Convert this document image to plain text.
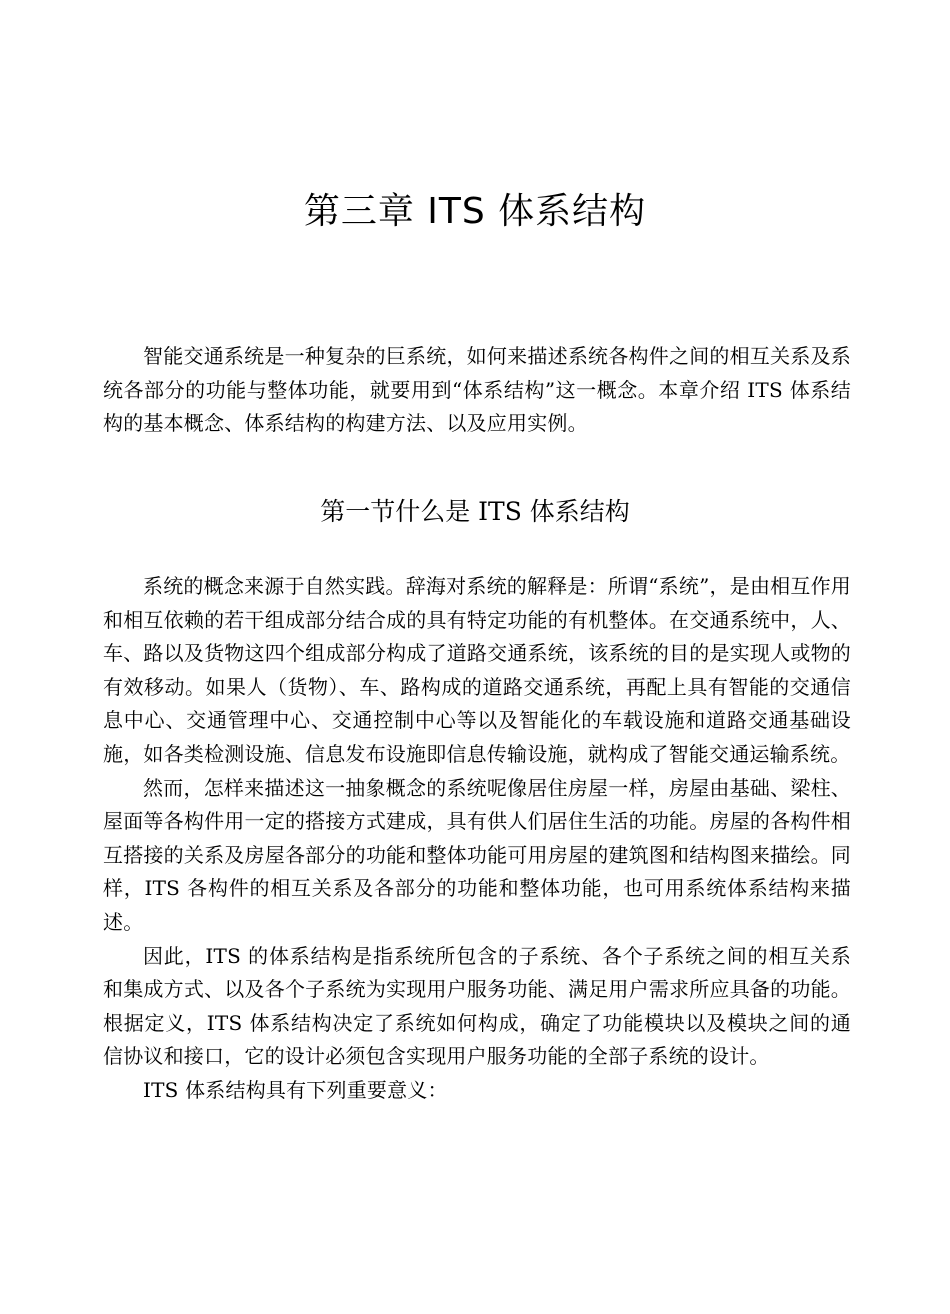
第三章 ITS 体系结构

智能交通系统是一种复杂的巨系统，如何来描述系统各构件之间的相互关系及系统各部分的功能与整体功能，就要用到“体系结构”这一概念。本章介绍 ITS 体系结构的基本概念、体系结构的构建方法、以及应用实例。

第一节什么是 ITS 体系结构

系统的概念来源于自然实践。辞海对系统的解释是：所谓“系统”，是由相互作用和相互依赖的若干组成部分结合成的具有特定功能的有机整体。在交通系统中，人、车、路以及货物这四个组成部分构成了道路交通系统，该系统的目的是实现人或物的有效移动。如果人（货物）、车、路构成的道路交通系统，再配上具有智能的交通信息中心、交通管理中心、交通控制中心等以及智能化的车载设施和道路交通基础设施，如各类检测设施、信息发布设施即信息传输设施，就构成了智能交通运输系统。

然而，怎样来描述这一抽象概念的系统呢像居住房屋一样，房屋由基础、梁柱、屋面等各构件用一定的搭接方式建成，具有供人们居住生活的功能。房屋的各构件相互搭接的关系及房屋各部分的功能和整体功能可用房屋的建筑图和结构图来描绘。同样，ITS 各构件的相互关系及各部分的功能和整体功能，也可用系统体系结构来描述。

因此，ITS 的体系结构是指系统所包含的子系统、各个子系统之间的相互关系和集成方式、以及各个子系统为实现用户服务功能、满足用户需求所应具备的功能。根据定义，ITS 体系结构决定了系统如何构成，确定了功能模块以及模块之间的通信协议和接口，它的设计必须包含实现用户服务功能的全部子系统的设计。

ITS 体系结构具有下列重要意义：
